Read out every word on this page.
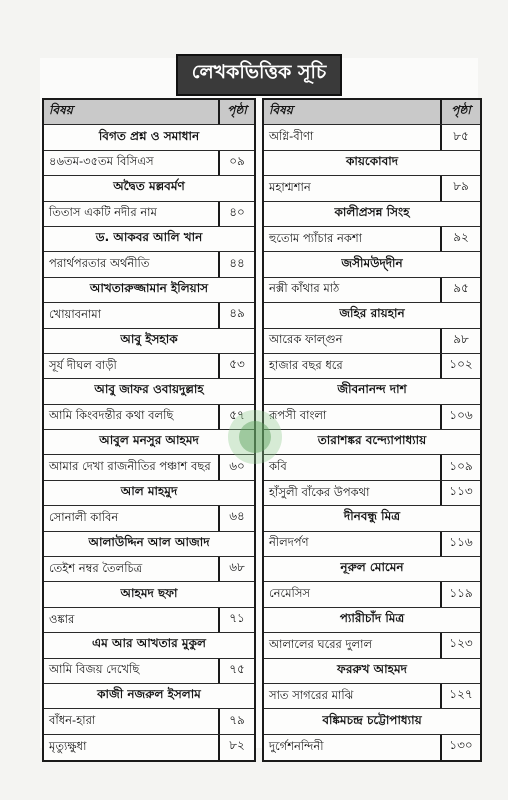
লেখকভিত্তিক সূচি
বিষয়	পৃষ্ঠা
বিগত প্রশ্ন ও সমাধান
৪৬তম-৩৫তম বিসিএস	০৯
অদ্বৈত মল্লবর্মণ
তিতাস একটি নদীর নাম	৪০
ড. আকবর আলি খান
পরার্থপরতার অর্থনীতি	৪৪
আখতারুজ্জামান ইলিয়াস
খোয়াবনামা	৪৯
আবু ইসহাক
সূর্য দীঘল বাড়ী	৫৩
আবু জাফর ওবায়দুল্লাহ
আমি কিংবদন্তীর কথা বলছি	৫৭
আবুল মনসুর আহমদ
আমার দেখা রাজনীতির পঞ্চাশ বছর	৬০
আল মাহমুদ
সোনালী কাবিন	৬৪
আলাউদ্দিন আল আজাদ
তেইশ নম্বর তৈলচিত্র	৬৮
আহমদ ছফা
ওঙ্কার	৭১
এম আর আখতার মুকুল
আমি বিজয় দেখেছি	৭৫
কাজী নজরুল ইসলাম
বাঁধন-হারা	৭৯
মৃত্যুক্ষুধা	৮২
বিষয়	পৃষ্ঠা
অগ্নি-বীণা	৮৫
কায়কোবাদ
মহাশ্মশান	৮৯
কালীপ্রসন্ন সিংহ
হুতোম প্যাঁচার নকশা	৯২
জসীমউদ্‌দীন
নক্সী কাঁথার মাঠ	৯৫
জহির রায়হান
আরেক ফাল্গুন	৯৮
হাজার বছর ধরে	১০২
জীবনানন্দ দাশ
রূপসী বাংলা	১০৬
তারাশঙ্কর বন্দ্যোপাধ্যায়
কবি	১০৯
হাঁসুলী বাঁকের উপকথা	১১৩
দীনবন্ধু মিত্র
নীলদর্পণ	১১৬
নূরুল মোমেন
নেমেসিস	১১৯
প্যারীচাঁদ মিত্র
আলালের ঘরের দুলাল	১২৩
ফররুখ আহমদ
সাত সাগরের মাঝি	১২৭
বঙ্কিমচন্দ্র চট্টোপাধ্যায়
দুর্গেশনন্দিনী	১৩০
